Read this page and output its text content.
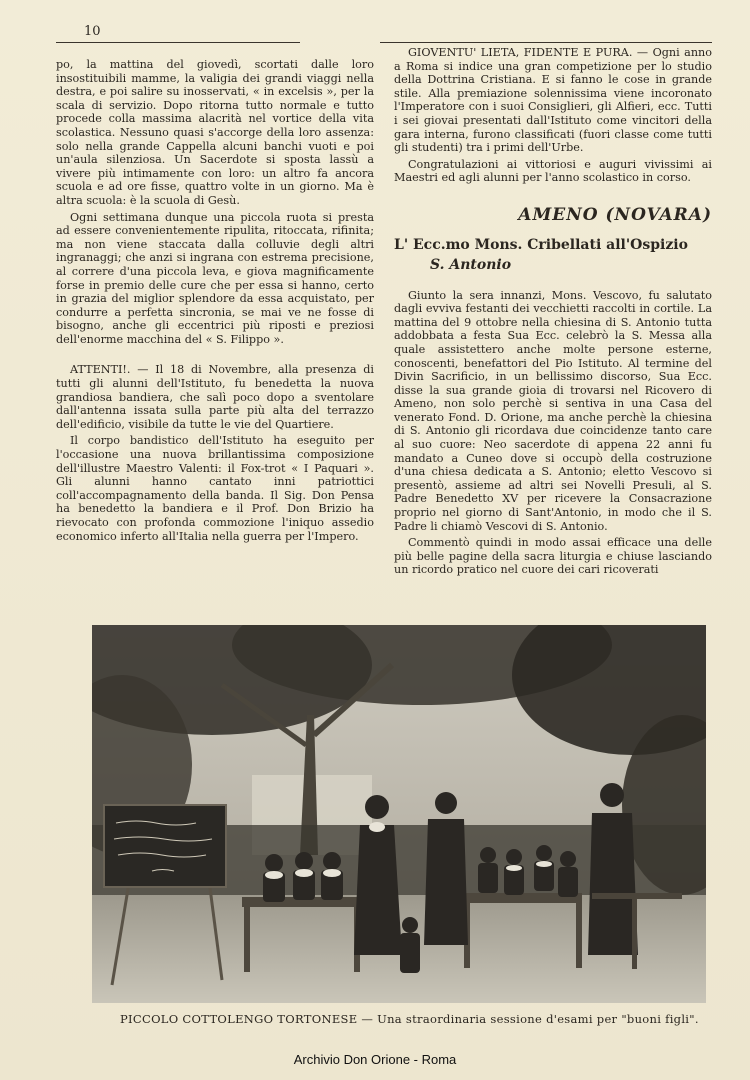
10

po, la mattina del giovedì, scortati dalle loro insostituibili mamme, la valigia dei grandi viaggi nella destra, e poi salire su inosservati, « in excelsis », per la scala di servizio. Dopo ritorna tutto normale e tutto procede colla massima alacrità nel vortice della vita scolastica. Nessuno quasi s'accorge della loro assenza: solo nella grande Cappella alcuni banchi vuoti e poi un'aula silenziosa. Un Sacerdote si sposta lassù a vivere più intimamente con loro: un altro fa ancora scuola e ad ore fisse, quattro volte in un giorno. Ma è altra scuola: è la scuola di Gesù.

Ogni settimana dunque una piccola ruota si presta ad essere convenientemente ripulita, ritoccata, rifinita; ma non viene staccata dalla colluvie degli altri ingranaggi; che anzi si ingrana con estrema precisione, al correre d'una piccola leva, e giova magnificamente forse in premio delle cure che per essa si hanno, certo in grazia del miglior splendore da essa acquistato, per condurre a perfetta sincronia, se mai ve ne fosse di bisogno, anche gli eccentrici più riposti e preziosi dell'enorme macchina del « S. Filippo ».

ATTENTI!. — Il 18 di Novembre, alla presenza di tutti gli alunni dell'Istituto, fu benedetta la nuova grandiosa bandiera, che salì poco dopo a sventolare dall'antenna issata sulla parte più alta del terrazzo dell'edificio, visibile da tutte le vie del Quartiere.

Il corpo bandistico dell'Istituto ha eseguito per l'occasione una nuova brillantissima composizione dell'illustre Maestro Valenti: il Fox-trot « I Paquari ». Gli alunni hanno cantato inni patriottici coll'accompagnamento della banda. Il Sig. Don Pensa ha benedetto la bandiera e il Prof. Don Brizio ha rievocato con profonda commozione l'iniquo assedio economico inferto all'Italia nella guerra per l'Impero.

GIOVENTU' LIETA, FIDENTE E PURA. — Ogni anno a Roma si indice una gran competizione per lo studio della Dottrina Cristiana. E si fanno le cose in grande stile. Alla premiazione solennissima viene incoronato l'Imperatore con i suoi Consiglieri, gli Alfieri, ecc. Tutti i sei giovai presentati dall'Istituto come vincitori della gara interna, furono classificati (fuori classe come tutti gli studenti) tra i primi dell'Urbe.

Congratulazioni ai vittoriosi e auguri vivissimi ai Maestri ed agli alunni per l'anno scolastico in corso.

AMENO (NOVARA)
L' Ecc.mo Mons. Cribellati all'Ospizio
S. Antonio

Giunto la sera innanzi, Mons. Vescovo, fu salutato dagli evviva festanti dei vecchietti raccolti in cortile. La mattina del 9 ottobre nella chiesina di S. Antonio tutta addobbata a festa Sua Ecc. celebrò la S. Messa alla quale assistettero anche molte persone esterne, conoscenti, benefattori del Pio Istituto. Al termine del Divin Sacrificio, in un bellissimo discorso, Sua Ecc. disse la sua grande gioia di trovarsi nel Ricovero di Ameno, non solo perchè si sentiva in una Casa del venerato Fond. D. Orione, ma anche perchè la chiesina di S. Antonio gli ricordava due coincidenze tanto care al suo cuore: Neo sacerdote di appena 22 anni fu mandato a Cuneo dove si occupò della costruzione d'una chiesa dedicata a S. Antonio; eletto Vescovo si presentò, assieme ad altri sei Novelli Presuli, al S. Padre Benedetto XV per ricevere la Consacrazione proprio nel giorno di Sant'Antonio, in modo che il S. Padre li chiamò Vescovi di S. Antonio.

Commentò quindi in modo assai efficace una delle più belle pagine della sacra liturgia e chiuse lasciando un ricordo pratico nel cuore dei cari ricoverati

PICCOLO COTTOLENGO TORTONESE — Una straordinaria sessione d'esami per "buoni figli".
Archivio Don Orione - Roma
